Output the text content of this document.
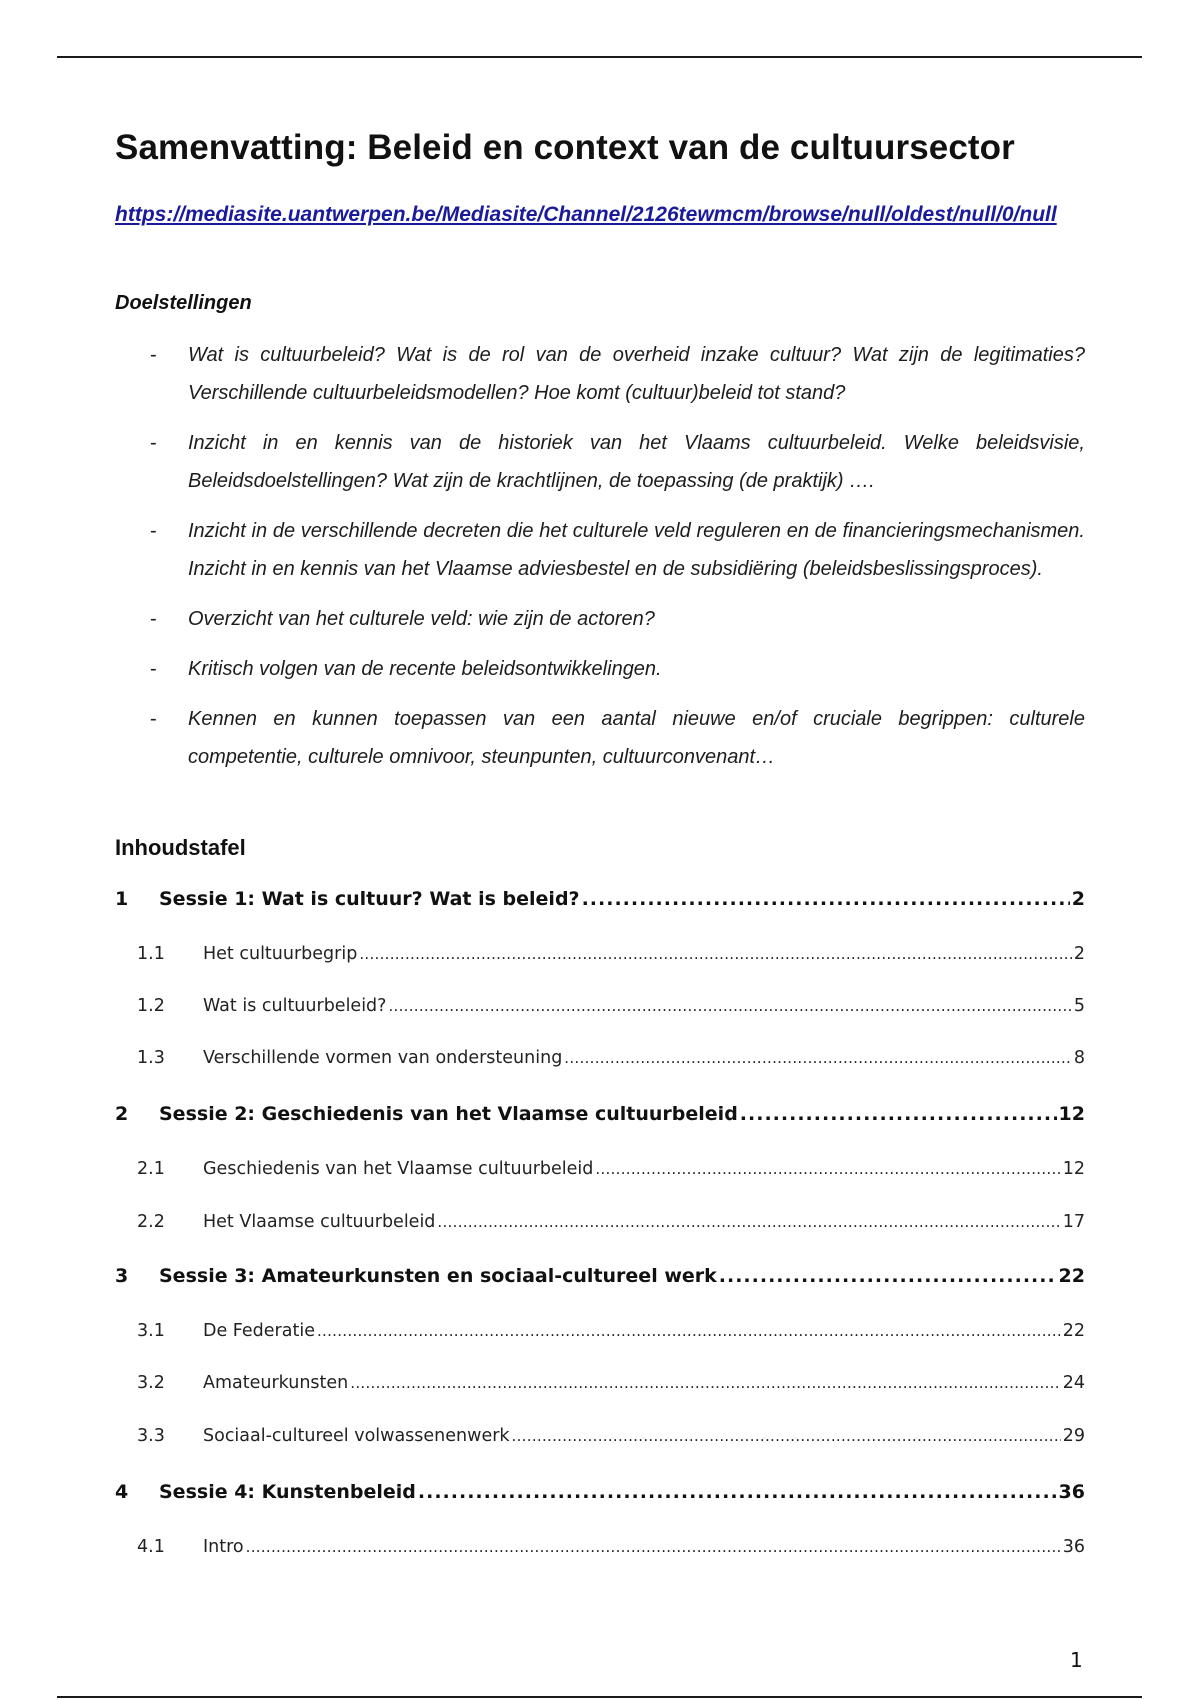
Samenvatting: Beleid en context van de cultuursector
https://mediasite.uantwerpen.be/Mediasite/Channel/2126tewmcm/browse/null/oldest/null/0/null
Doelstellingen
- Wat is cultuurbeleid? Wat is de rol van de overheid inzake cultuur? Wat zijn de legitimaties? Verschillende cultuurbeleidsmodellen? Hoe komt (cultuur)beleid tot stand?
- Inzicht in en kennis van de historiek van het Vlaams cultuurbeleid. Welke beleidsvisie, Beleidsdoelstellingen? Wat zijn de krachtlijnen, de toepassing (de praktijk) ….
- Inzicht in de verschillende decreten die het culturele veld reguleren en de financieringsmechanismen. Inzicht in en kennis van het Vlaamse adviesbestel en de subsidiëring (beleidsbeslissingsproces).
- Overzicht van het culturele veld: wie zijn de actoren?
- Kritisch volgen van de recente beleidsontwikkelingen.
- Kennen en kunnen toepassen van een aantal nieuwe en/of cruciale begrippen: culturele competentie, culturele omnivoor, steunpunten, cultuurconvenant…
Inhoudstafel
1	Sessie 1: Wat is cultuur? Wat is beleid? .....	2
1.1	Het cultuurbegrip .....	2
1.2	Wat is cultuurbeleid? .....	5
1.3	Verschillende vormen van ondersteuning .....	8
2	Sessie 2: Geschiedenis van het Vlaamse cultuurbeleid .....	12
2.1	Geschiedenis van het Vlaamse cultuurbeleid .....	12
2.2	Het Vlaamse cultuurbeleid .....	17
3	Sessie 3: Amateurkunsten en sociaal-cultureel werk .....	22
3.1	De Federatie .....	22
3.2	Amateurkunsten .....	24
3.3	Sociaal-cultureel volwassenenwerk .....	29
4	Sessie 4: Kunstenbeleid .....	36
4.1	Intro .....	36
1
